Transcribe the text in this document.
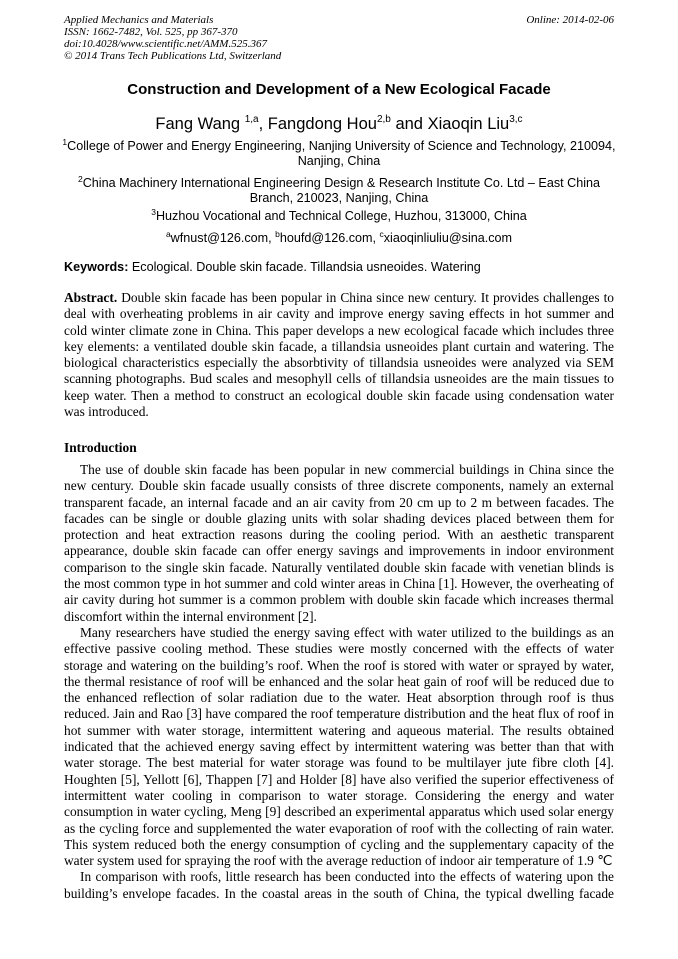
Applied Mechanics and Materials
ISSN: 1662-7482, Vol. 525, pp 367-370
doi:10.4028/www.scientific.net/AMM.525.367
© 2014 Trans Tech Publications Ltd, Switzerland
Online: 2014-02-06
Construction and Development of a New Ecological Facade
Fang Wang $^{1,a}$, Fangdong Hou$^{2,b}$ and Xiaoqin Liu$^{3,c}$
$^1$College of Power and Energy Engineering, Nanjing University of Science and Technology, 210094,
Nanjing, China
$^2$China Machinery International Engineering Design & Research Institute Co. Ltd – East China
Branch, 210023, Nanjing, China
$^3$Huzhou Vocational and Technical College, Huzhou, 313000, China
$^a$wfnust@126.com, $^b$houfd@126.com, $^c$xiaoqinliuliu@sina.com
Keywords: Ecological. Double skin facade. Tillandsia usneoides. Watering
Abstract. Double skin facade has been popular in China since new century. It provides challenges to
deal with overheating problems in air cavity and improve energy saving effects in hot summer and
cold winter climate zone in China. This paper develops a new ecological facade which includes three
key elements: a ventilated double skin facade, a tillandsia usneoides plant curtain and watering. The
biological characteristics especially the absorbtivity of tillandsia usneoides were analyzed via SEM
scanning photographs. Bud scales and mesophyll cells of tillandsia usneoides are the main tissues to
keep water. Then a method to construct an ecological double skin facade using condensation water
was introduced.
Introduction
The use of double skin facade has been popular in new commercial buildings in China since the
new century. Double skin facade usually consists of three discrete components, namely an external
transparent facade, an internal facade and an air cavity from 20 cm up to 2 m between facades. The
facades can be single or double glazing units with solar shading devices placed between them for
protection and heat extraction reasons during the cooling period. With an aesthetic transparent
appearance, double skin facade can offer energy savings and improvements in indoor environment
comparison to the single skin facade. Naturally ventilated double skin facade with venetian blinds is
the most common type in hot summer and cold winter areas in China [1]. However, the overheating of
air cavity during hot summer is a common problem with double skin facade which increases thermal
discomfort within the internal environment [2].
Many researchers have studied the energy saving effect with water utilized to the buildings as an
effective passive cooling method. These studies were mostly concerned with the effects of water
storage and watering on the building’s roof. When the roof is stored with water or sprayed by water,
the thermal resistance of roof will be enhanced and the solar heat gain of roof will be reduced due to
the enhanced reflection of solar radiation due to the water. Heat absorption through roof is thus
reduced. Jain and Rao [3] have compared the roof temperature distribution and the heat flux of roof in
hot summer with water storage, intermittent watering and aqueous material. The results obtained
indicated that the achieved energy saving effect by intermittent watering was better than that with
water storage. The best material for water storage was found to be multilayer jute fibre cloth [4].
Houghten [5], Yellott [6], Thappen [7] and Holder [8] have also verified the superior effectiveness of
intermittent water cooling in comparison to water storage. Considering the energy and water
consumption in water cycling, Meng [9] described an experimental apparatus which used solar energy
as the cycling force and supplemented the water evaporation of roof with the collecting of rain water.
This system reduced both the energy consumption of cycling and the supplementary capacity of the
water system used for spraying the roof with the average reduction of indoor air temperature of 1.9 ℃
In comparison with roofs, little research has been conducted into the effects of watering upon the
building’s envelope facades. In the coastal areas in the south of China, the typical dwelling facade
